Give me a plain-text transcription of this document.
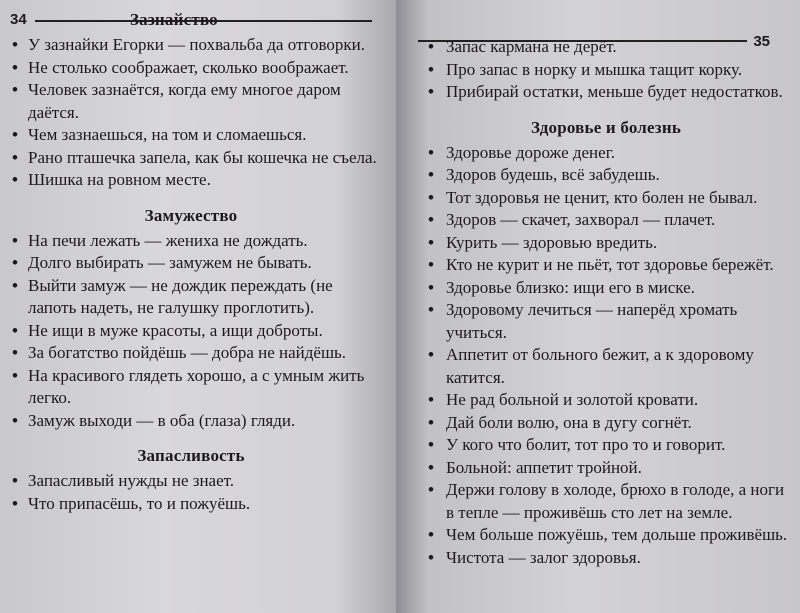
34	Зазнайство
• У зазнайки Егорки — похвальба да отговорки.
• Не столько соображает, сколько воображает.
• Человек зазнаётся, когда ему многое даром даётся.
• Чем зазнаешься, на том и сломаешься.
• Рано пташечка запела, как бы кошечка не съела.
• Шишка на ровном месте.
Замужество
• На печи лежать — жениха не дождать.
• Долго выбирать — замужем не бывать.
• Выйти замуж — не дождик переждать (не лапоть надеть, не галушку проглотить).
• Не ищи в муже красоты, а ищи доброты.
• За богатство пойдёшь — добра не найдёшь.
• На красивого глядеть хорошо, а с умным жить легко.
• Замуж выходи — в оба (глаза) гляди.
Запасливость
• Запасливый нужды не знает.
• Что припасёшь, то и пожуёшь.
35
• Запас кармана не дерёт.
• Про запас в норку и мышка тащит корку.
• Прибирай остатки, меньше будет недостатков.
Здоровье и болезнь
• Здоровье дороже денег.
• Здоров будешь, всё забудешь.
• Тот здоровья не ценит, кто болен не бывал.
• Здоров — скачет, захворал — плачет.
• Курить — здоровью вредить.
• Кто не курит и не пьёт, тот здоровье бережёт.
• Здоровье близко: ищи его в миске.
• Здоровому лечиться — наперёд хромать учиться.
• Аппетит от больного бежит, а к здоровому катится.
• Не рад больной и золотой кровати.
• Дай боли волю, она в дугу согнёт.
• У кого что болит, тот про то и говорит.
• Больной: аппетит тройной.
• Держи голову в холоде, брюхо в голоде, а ноги в тепле — проживёшь сто лет на земле.
• Чем больше пожуёшь, тем дольше проживёшь.
• Чистота — залог здоровья.
